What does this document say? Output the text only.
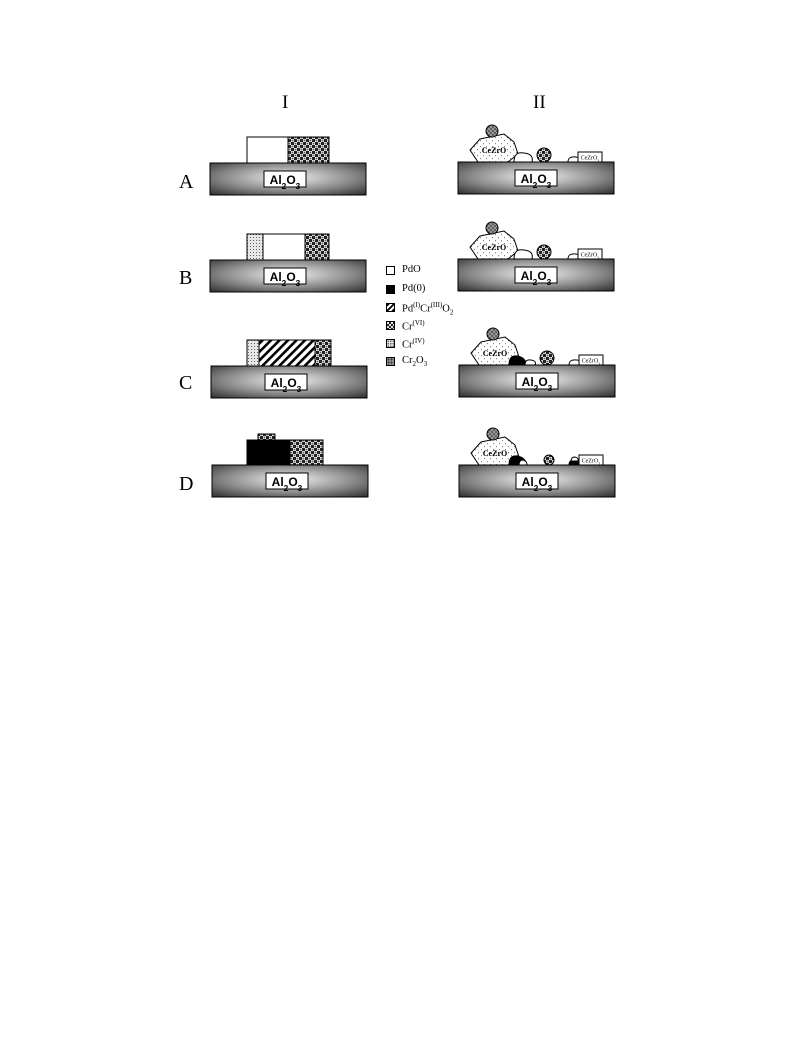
I	II
A
B
C
D
$Al_2O_3$
$Al_2O_3$
$Al_2O_3$
$Al_2O_3$
CeZrO
CeZrO$_2$
$Al_2O_3$
CeZrO
CeZrO$_2$
$Al_2O_3$
CeZrO
CeZrO$_2$
$Al_2O_3$
CeZrO
CeZrO$_2$
$Al_2O_3$
PdO
Pd(0)
$Pd^{(I)}Cr^{(III)}O_2$
$Cr^{(VI)}$
$Cr^{(IV)}$
$Cr_2O_3$
